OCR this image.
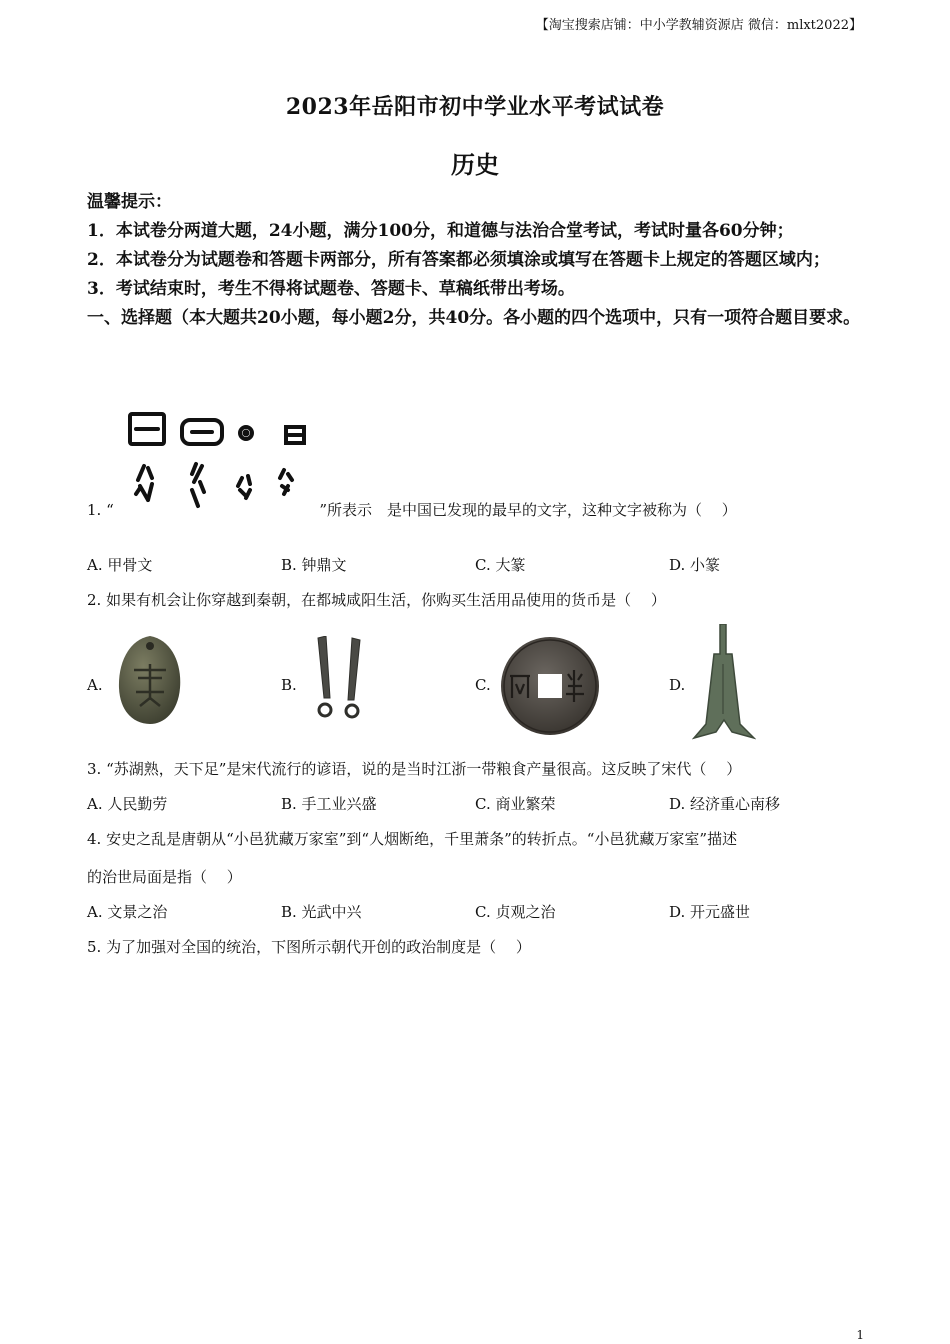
【淘宝搜索店铺：中小学教辅资源店 微信：mlxt2022】
2023年岳阳市初中学业水平考试试卷
历史
温馨提示：
1．本试卷分两道大题，24小题，满分100分，和道德与法治合堂考试，考试时量各60分钟；
2．本试卷分为试题卷和答题卡两部分，所有答案都必须填涂或填写在答题卡上规定的答题区域内；
3．考试结束时，考生不得将试题卷、答题卡、草稿纸带出考场。
一、选择题（本大题共20小题，每小题2分，共40分。各小题的四个选项中，只有一项符合题目要求。
1. “	”所表示　是中国已发现的最早的文字，这种文字被称为（　 ）
A. 甲骨文	B. 钟鼎文	C. 大篆	D. 小篆
2. 如果有机会让你穿越到秦朝，在都城咸阳生活，你购买生活用品使用的货币是（　 ）
A.	B.	C.	D.
3. “苏湖熟，天下足”是宋代流行的谚语，说的是当时江浙一带粮食产量很高。这反映了宋代（　 ）
A. 人民勤劳	B. 手工业兴盛	C. 商业繁荣	D. 经济重心南移
4. 安史之乱是唐朝从“小邑犹藏万家室”到“人烟断绝，千里萧条”的转折点。“小邑犹藏万家室”描述
的治世局面是指（　 ）
A. 文景之治	B. 光武中兴	C. 贞观之治	D. 开元盛世
5. 为了加强对全国的统治，下图所示朝代开创的政治制度是（　 ）
1
